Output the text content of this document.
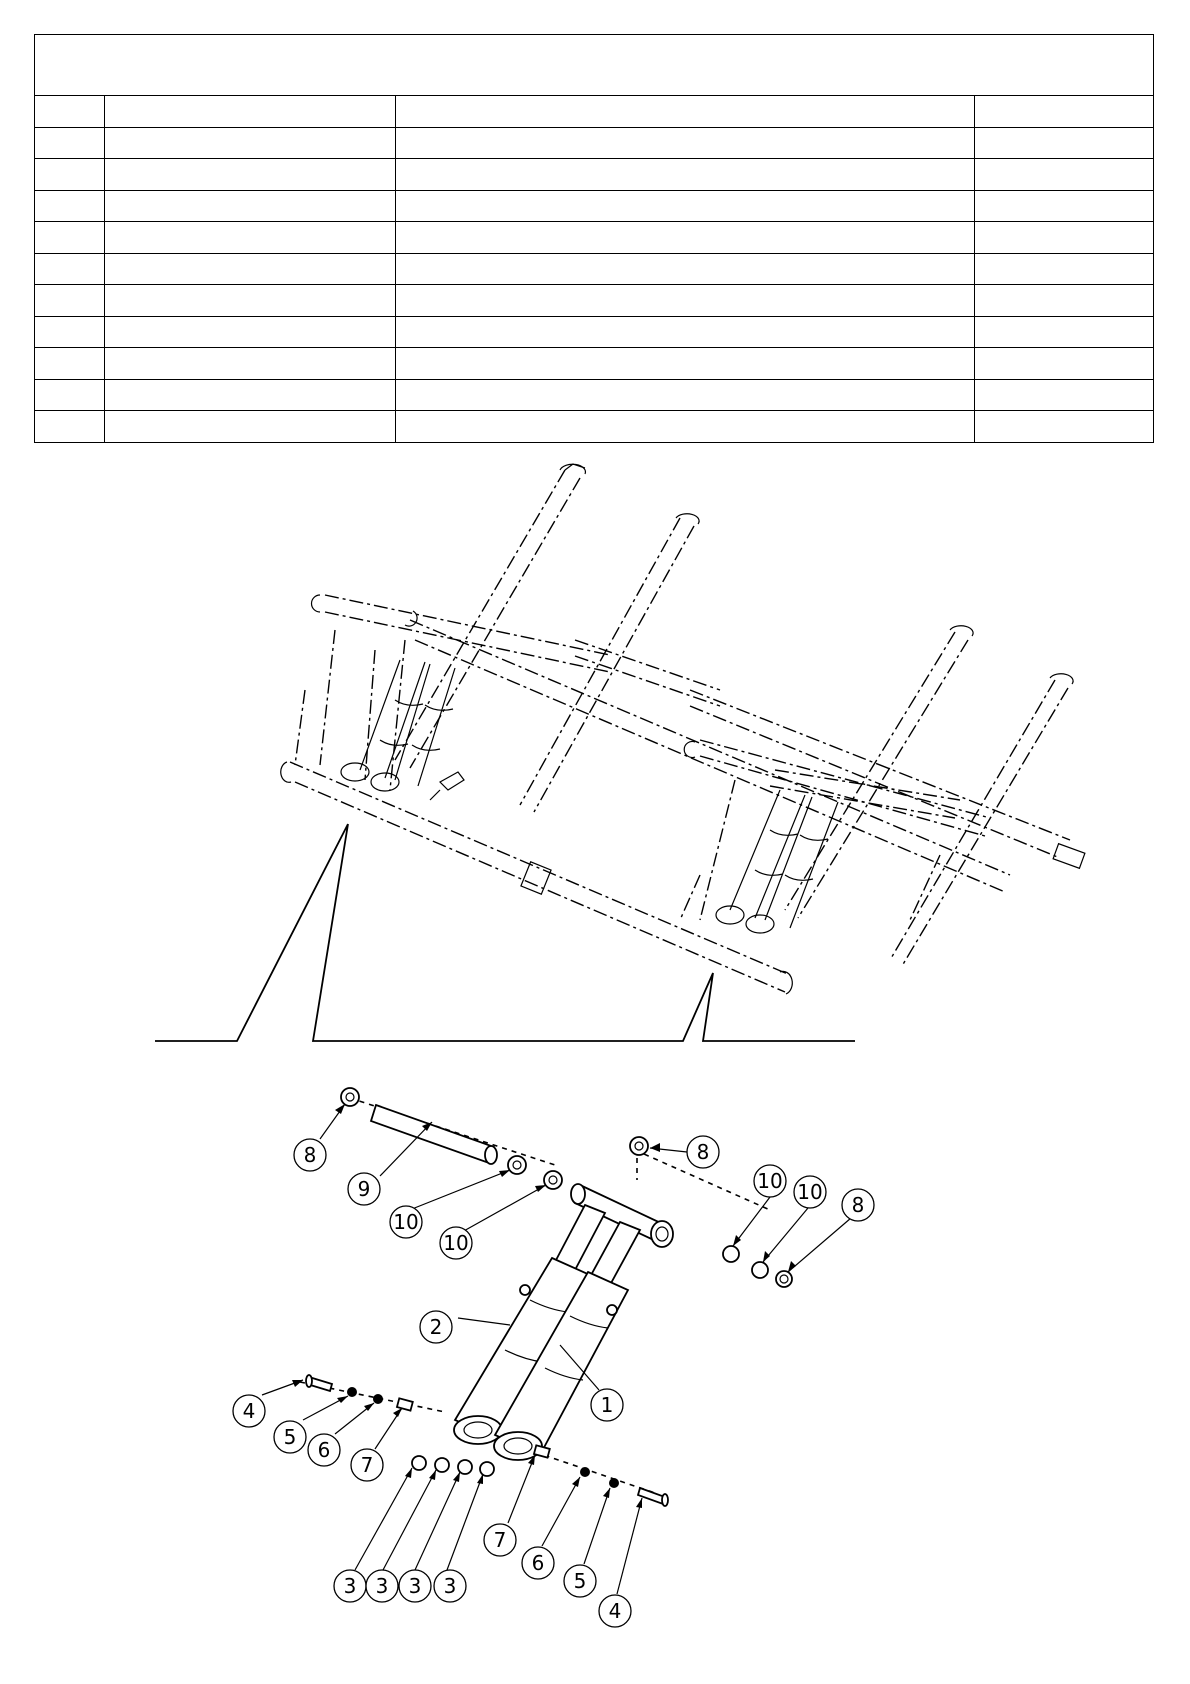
8
9
10
10
8
10 10
8
2
1
4
5
6
7
3 3 3 3
7
6
5
4
